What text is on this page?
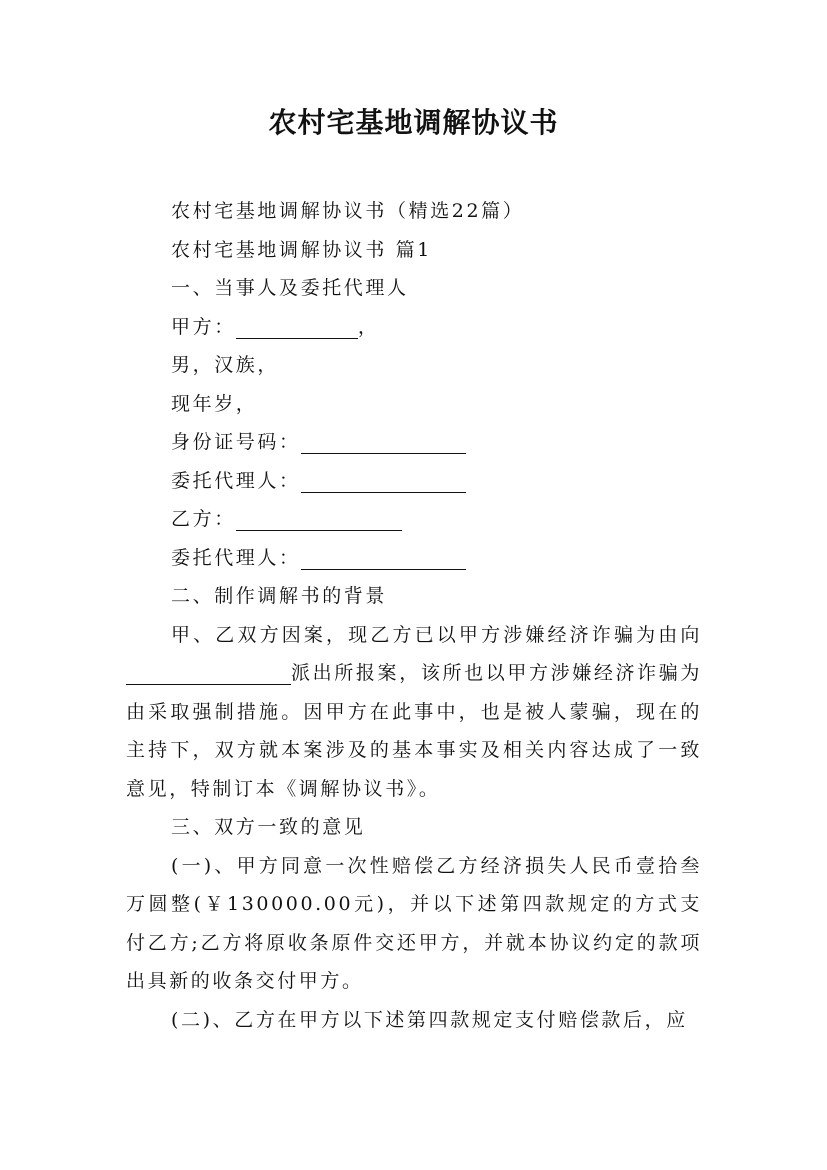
农村宅基地调解协议书
农村宅基地调解协议书（精选22篇）
农村宅基地调解协议书 篇1
一、当事人及委托代理人
甲方：	，
男，汉族，
现年岁，
身份证号码：
委托代理人：
乙方：
委托代理人：
二、制作调解书的背景
甲、乙双方因案，现乙方已以甲方涉嫌经济诈骗为由向派出所报案，该所也以甲方涉嫌经济诈骗为由采取强制措施。因甲方在此事中，也是被人蒙骗，现在的主持下，双方就本案涉及的基本事实及相关内容达成了一致意见，特制订本《调解协议书》。
三、双方一致的意见
(一)、甲方同意一次性赔偿乙方经济损失人民币壹拾叁万圆整(￥130000.00元)，并以下述第四款规定的方式支付乙方;乙方将原收条原件交还甲方，并就本协议约定的款项出具新的收条交付甲方。
(二)、乙方在甲方以下述第四款规定支付赔偿款后，应
